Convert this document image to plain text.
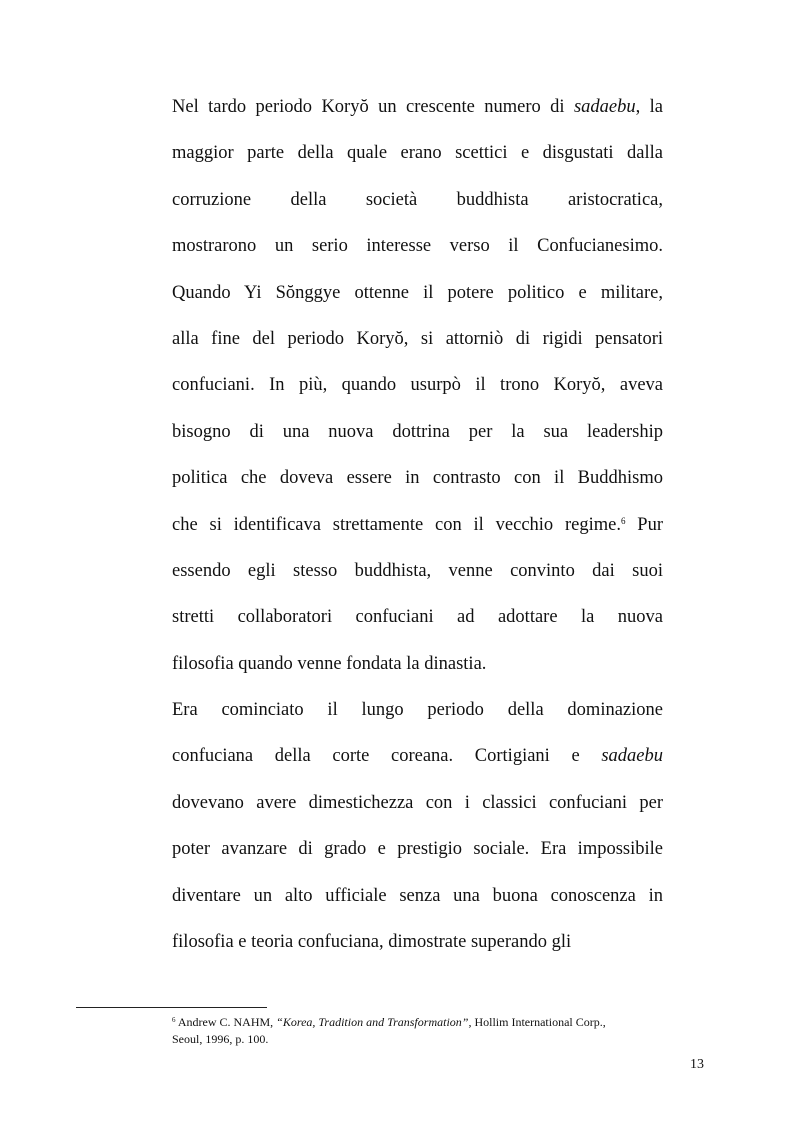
Nel tardo periodo Koryŏ un crescente numero di sadaebu, la
maggior parte della quale erano scettici e disgustati dalla
corruzione della società buddhista aristocratica,
mostrarono un serio interesse verso il Confucianesimo.
Quando Yi Sŏnggye ottenne il potere politico e militare,
alla fine del periodo Koryŏ, si attorniò di rigidi pensatori
confuciani. In più, quando usurpò il trono Koryŏ, aveva
bisogno di una nuova dottrina per la sua leadership
politica che doveva essere in contrasto con il Buddhismo
che si identificava strettamente con il vecchio regime.$^6$ Pur
essendo egli stesso buddhista, venne convinto dai suoi
stretti collaboratori confuciani ad adottare la nuova
filosofia quando venne fondata la dinastia.
Era cominciato il lungo periodo della dominazione
confuciana della corte coreana. Cortigiani e sadaebu
dovevano avere dimestichezza con i classici confuciani per
poter avanzare di grado e prestigio sociale. Era impossibile
diventare un alto ufficiale senza una buona conoscenza in
filosofia e teoria confuciana, dimostrate superando gli
$^6$ Andrew C. NAHM, “Korea, Tradition and Transformation”, Hollim International Corp.,
Seoul, 1996, p. 100.
13
